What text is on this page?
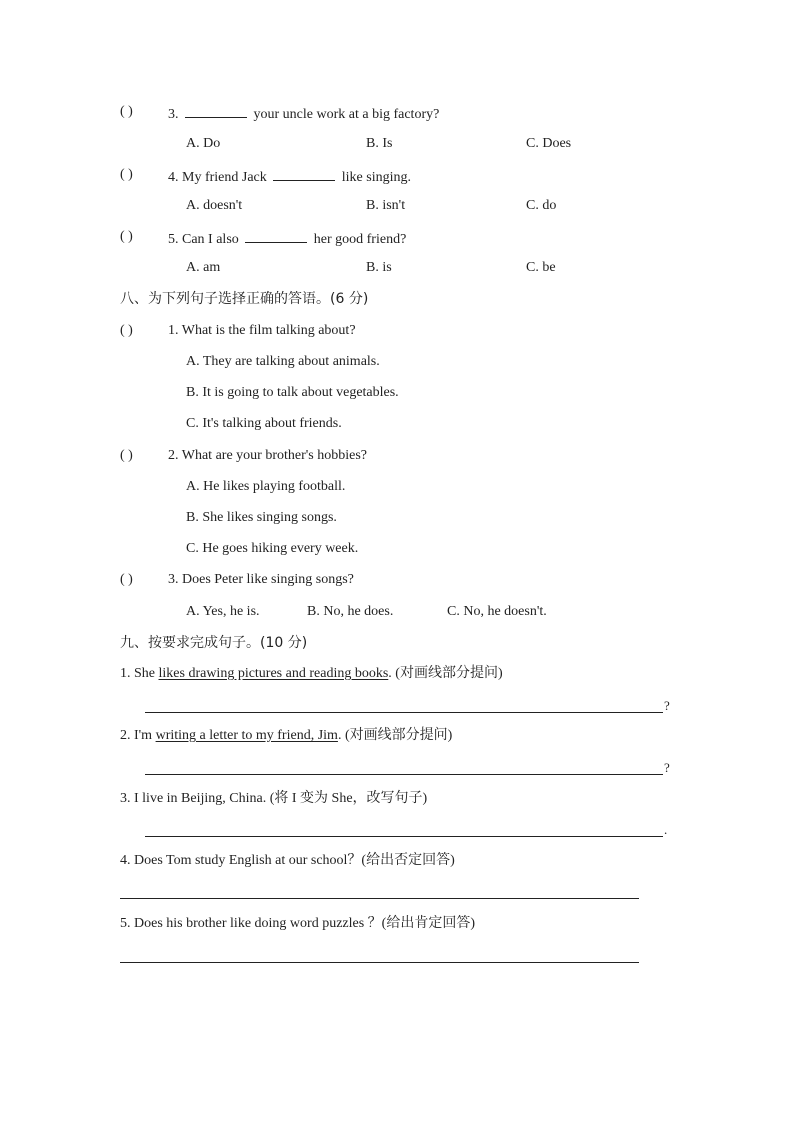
( )	3.	your uncle work at a big factory?
A. Do	B. Is	C. Does
( )	4. My friend Jack	like singing.
A. doesn't	B. isn't	C. do
( )	5. Can I also	her good friend?
A. am	B. is	C. be
八、为下列句子选择正确的答语。(6 分)
( )	1. What is the film talking about?
A. They are talking about animals.
B. It is going to talk about vegetables.
C. It's talking about friends.
( )	2. What are your brother's hobbies?
A. He likes playing football.
B. She likes singing songs.
C. He goes hiking every week.
( )	3. Does Peter like singing songs?
A. Yes, he is.	B. No, he does.	C. No, he doesn't.
九、按要求完成句子。(10 分)
1. She likes drawing pictures and reading books. (对画线部分提问)
?
2. I'm writing a letter to my friend, Jim. (对画线部分提问)
?
3. I live in Beijing, China. (将 I 变为 She，改写句子)
.
4. Does Tom study English at our school？(给出否定回答)
5. Does his brother like doing word puzzles ？(给出肯定回答)
